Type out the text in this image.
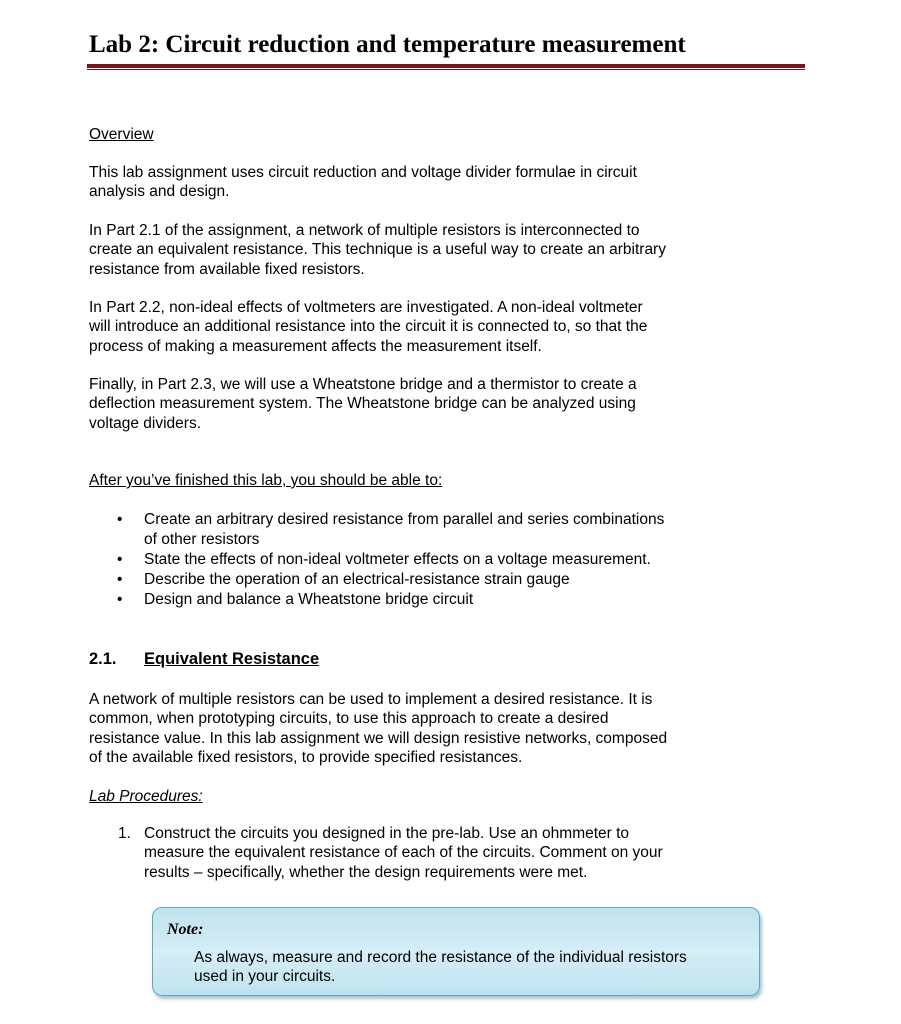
Lab 2: Circuit reduction and temperature measurement
Overview

This lab assignment uses circuit reduction and voltage divider formulae in circuit
analysis and design.

In Part 2.1 of the assignment, a network of multiple resistors is interconnected to
create an equivalent resistance. This technique is a useful way to create an arbitrary
resistance from available fixed resistors.

In Part 2.2, non-ideal effects of voltmeters are investigated. A non-ideal voltmeter
will introduce an additional resistance into the circuit it is connected to, so that the
process of making a measurement affects the measurement itself.

Finally, in Part 2.3, we will use a Wheatstone bridge and a thermistor to create a
deflection measurement system. The Wheatstone bridge can be analyzed using
voltage dividers.

After you’ve finished this lab, you should be able to:
• Create an arbitrary desired resistance from parallel and series combinations
of other resistors
• State the effects of non-ideal voltmeter effects on a voltage measurement.
• Describe the operation of an electrical-resistance strain gauge
• Design and balance a Wheatstone bridge circuit
2.1. Equivalent Resistance

A network of multiple resistors can be used to implement a desired resistance. It is
common, when prototyping circuits, to use this approach to create a desired
resistance value. In this lab assignment we will design resistive networks, composed
of the available fixed resistors, to provide specified resistances.

Lab Procedures:

1. Construct the circuits you designed in the pre-lab. Use an ohmmeter to
measure the equivalent resistance of each of the circuits. Comment on your
results – specifically, whether the design requirements were met.

Note:

As always, measure and record the resistance of the individual resistors
used in your circuits.
